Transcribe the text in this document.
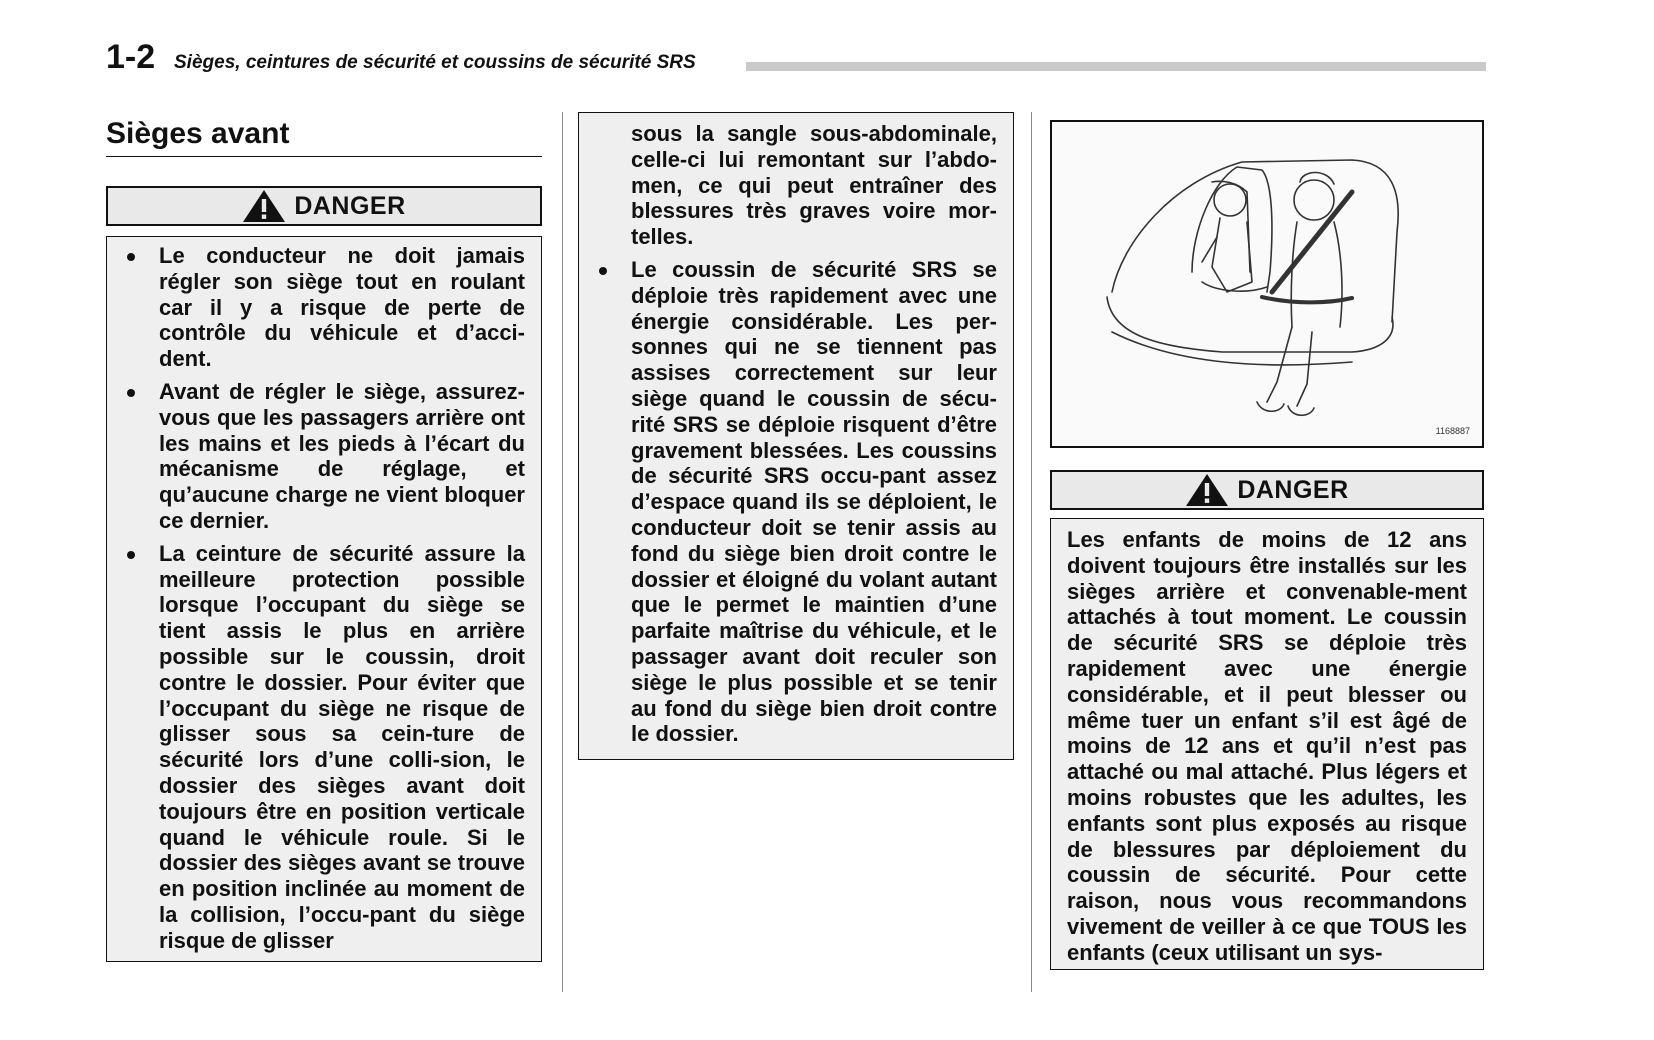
1-2 Sièges, ceintures de sécurité et coussins de sécurité SRS
Sièges avant
DANGER
Le conducteur ne doit jamais régler son siège tout en roulant car il y a risque de perte de contrôle du véhicule et d’acci-dent.
Avant de régler le siège, assurez-vous que les passagers arrière ont les mains et les pieds à l’écart du mécanisme de réglage, et qu’aucune charge ne vient bloquer ce dernier.
La ceinture de sécurité assure la meilleure protection possible lorsque l’occupant du siège se tient assis le plus en arrière possible sur le coussin, droit contre le dossier. Pour éviter que l’occupant du siège ne risque de glisser sous sa cein-ture de sécurité lors d’une colli-sion, le dossier des sièges avant doit toujours être en position verticale quand le véhicule roule. Si le dossier des sièges avant se trouve en position inclinée au moment de la collision, l’occu-pant du siège risque de glisser

sous la sangle sous-abdominale, celle-ci lui remontant sur l’abdo-men, ce qui peut entraîner des blessures très graves voire mor-telles.

Le coussin de sécurité SRS se déploie très rapidement avec une énergie considérable. Les per-sonnes qui ne se tiennent pas assises correctement sur leur siège quand le coussin de sécu-rité SRS se déploie risquent d’être gravement blessées. Les coussins de sécurité SRS occu-pant assez d’espace quand ils se déploient, le conducteur doit se tenir assis au fond du siège bien droit contre le dossier et éloigné du volant autant que le permet le maintien d’une parfaite maîtrise du véhicule, et le passager avant doit reculer son siège le plus possible et se tenir au fond du siège bien droit contre le dossier.
1168887
DANGER

Les enfants de moins de 12 ans doivent toujours être installés sur les sièges arrière et convenable-ment attachés à tout moment. Le coussin de sécurité SRS se déploie très rapidement avec une énergie considérable, et il peut blesser ou même tuer un enfant s’il est âgé de moins de 12 ans et qu’il n’est pas attaché ou mal attaché. Plus légers et moins robustes que les adultes, les enfants sont plus exposés au risque de blessures par déploiement du coussin de sécurité. Pour cette raison, nous vous recommandons vivement de veiller à ce que TOUS les enfants (ceux utilisant un sys-
